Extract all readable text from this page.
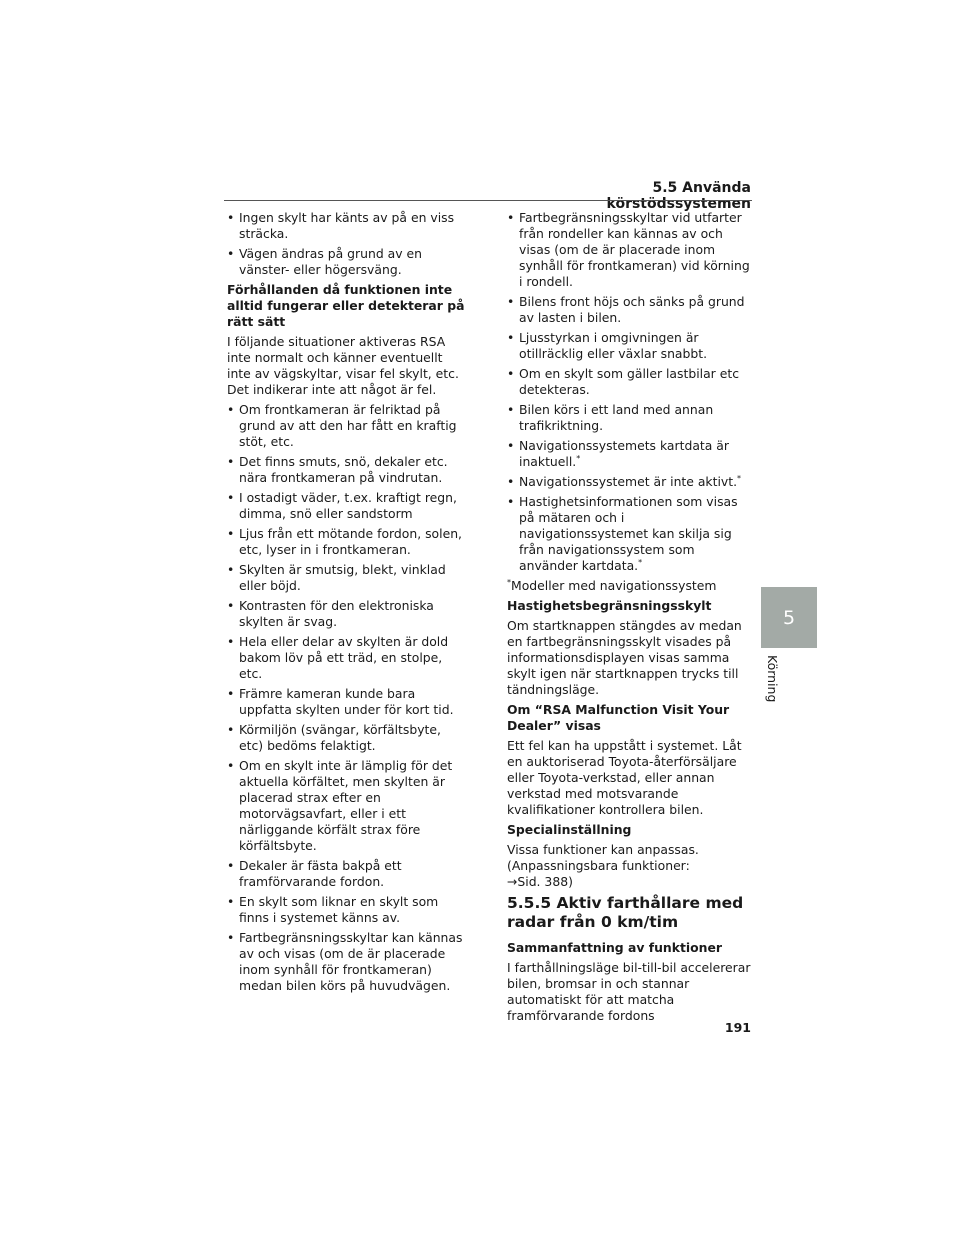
5.5 Använda körstödssystemen
• Ingen skylt har känts av på en viss sträcka.
• Vägen ändras på grund av en vänster- eller högersväng.
Förhållanden då funktionen inte alltid fungerar eller detekterar på rätt sätt

I följande situationer aktiveras RSA inte normalt och känner eventuellt inte av vägskyltar, visar fel skylt, etc. Det indikerar inte att något är fel.

• Om frontkameran är felriktad på grund av att den har fått en kraftig stöt, etc.
• Det finns smuts, snö, dekaler etc. nära frontkameran på vindrutan.
• I ostadigt väder, t.ex. kraftigt regn, dimma, snö eller sandstorm
• Ljus från ett mötande fordon, solen, etc, lyser in i frontkameran.
• Skylten är smutsig, blekt, vinklad eller böjd.
• Kontrasten för den elektroniska skylten är svag.
• Hela eller delar av skylten är dold bakom löv på ett träd, en stolpe, etc.
• Främre kameran kunde bara uppfatta skylten under för kort tid.
• Körmiljön (svängar, körfältsbyte, etc) bedöms felaktigt.
• Om en skylt inte är lämplig för det aktuella körfältet, men skylten är placerad strax efter en motorvägsavfart, eller i ett närliggande körfält strax före körfältsbyte.
• Dekaler är fästa bakpå ett framförvarande fordon.
• En skylt som liknar en skylt som finns i systemet känns av.
• Fartbegränsningsskyltar kan kännas av och visas (om de är placerade inom synhåll för frontkameran) medan bilen körs på huvudvägen.
• Fartbegränsningsskyltar vid utfarter från rondeller kan kännas av och visas (om de är placerade inom synhåll för frontkameran) vid körning i rondell.
• Bilens front höjs och sänks på grund av lasten i bilen.
• Ljusstyrkan i omgivningen är otillräcklig eller växlar snabbt.
• Om en skylt som gäller lastbilar etc detekteras.
• Bilen körs i ett land med annan trafikriktning.
• Navigationssystemets kartdata är inaktuell.*
• Navigationssystemet är inte aktivt.*
• Hastighetsinformationen som visas på mätaren och i navigationssystemet kan skilja sig från navigationssystem som använder kartdata.*

*Modeller med navigationssystem

Hastighetsbegränsningsskylt

Om startknappen stängdes av medan en fartbegränsningsskylt visades på informationsdisplayen visas samma skylt igen när startknappen trycks till tändningsläge.

Om “RSA Malfunction Visit Your Dealer” visas

Ett fel kan ha uppstått i systemet. Låt en auktoriserad Toyota-återförsäljare eller Toyota-verkstad, eller annan verkstad med motsvarande kvalifikationer kontrollera bilen.

Specialinställning

Vissa funktioner kan anpassas. (Anpassningsbara funktioner:
→Sid. 388)

5.5.5 Aktiv farthållare med radar från 0 km/tim
Sammanfattning av funktioner

I farthållningsläge bil-till-bil accelererar bilen, bromsar in och stannar automatiskt för att matcha framförvarande fordons

5
Körning
191
